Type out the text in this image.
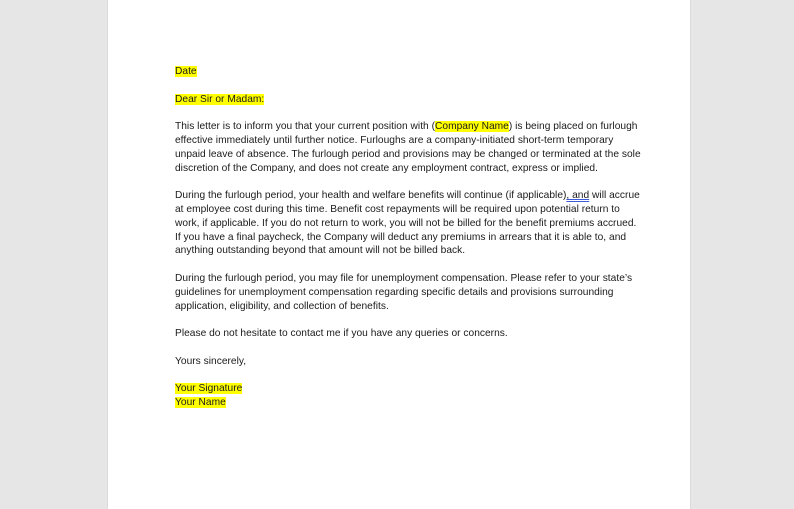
Date

Dear Sir or Madam:

This letter is to inform you that your current position with (Company Name) is being placed on furlough
effective immediately until further notice. Furloughs are a company-initiated short-term temporary
unpaid leave of absence. The furlough period and provisions may be changed or terminated at the sole
discretion of the Company, and does not create any employment contract, express or implied.

During the furlough period, your health and welfare benefits will continue (if applicable), and will accrue
at employee cost during this time. Benefit cost repayments will be required upon potential return to
work, if applicable. If you do not return to work, you will not be billed for the benefit premiums accrued.
If you have a final paycheck, the Company will deduct any premiums in arrears that it is able to, and
anything outstanding beyond that amount will not be billed back.

During the furlough period, you may file for unemployment compensation. Please refer to your state’s
guidelines for unemployment compensation regarding specific details and provisions surrounding
application, eligibility, and collection of benefits.

Please do not hesitate to contact me if you have any queries or concerns.

Yours sincerely,

Your Signature
Your Name
